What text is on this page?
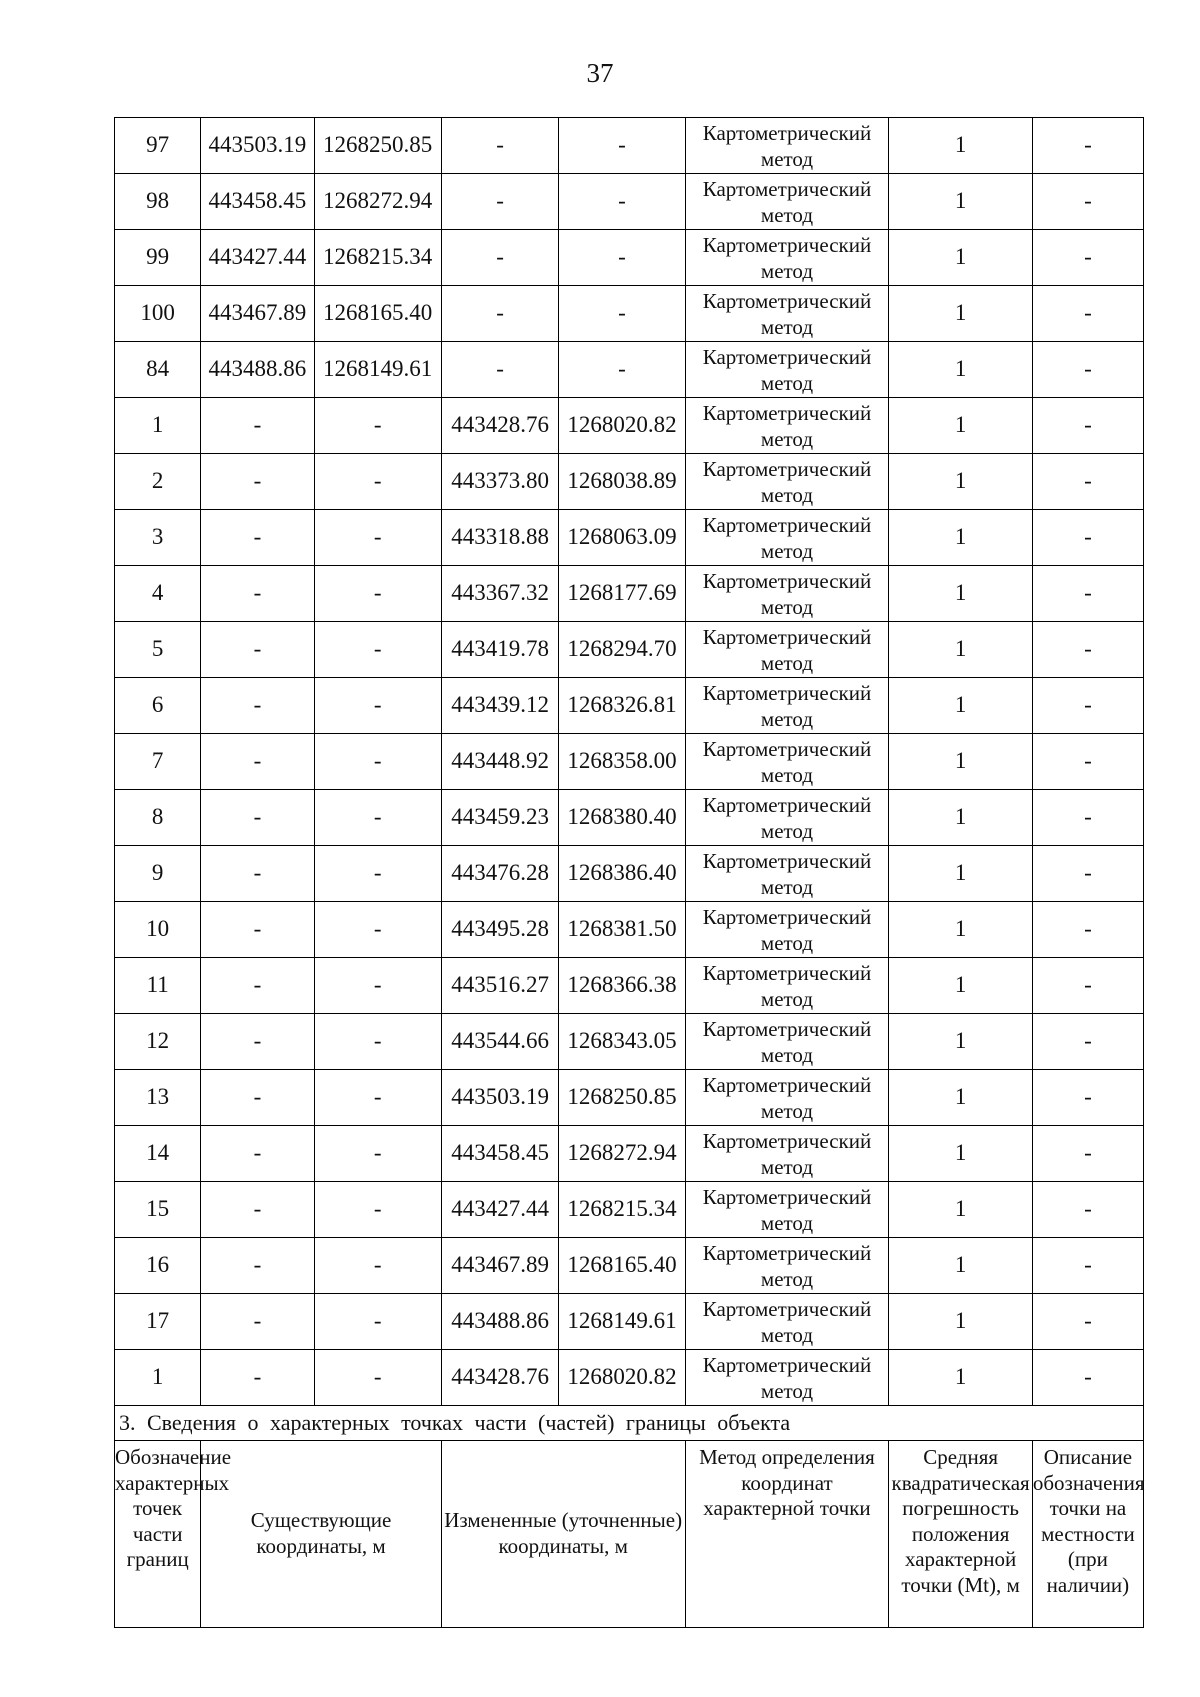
37
97	443503.19	1268250.85	-	-	Картометрический метод	1	-
98	443458.45	1268272.94	-	-	Картометрический метод	1	-
99	443427.44	1268215.34	-	-	Картометрический метод	1	-
100	443467.89	1268165.40	-	-	Картометрический метод	1	-
84	443488.86	1268149.61	-	-	Картометрический метод	1	-
1	-	-	443428.76	1268020.82	Картометрический метод	1	-
2	-	-	443373.80	1268038.89	Картометрический метод	1	-
3	-	-	443318.88	1268063.09	Картометрический метод	1	-
4	-	-	443367.32	1268177.69	Картометрический метод	1	-
5	-	-	443419.78	1268294.70	Картометрический метод	1	-
6	-	-	443439.12	1268326.81	Картометрический метод	1	-
7	-	-	443448.92	1268358.00	Картометрический метод	1	-
8	-	-	443459.23	1268380.40	Картометрический метод	1	-
9	-	-	443476.28	1268386.40	Картометрический метод	1	-
10	-	-	443495.28	1268381.50	Картометрический метод	1	-
11	-	-	443516.27	1268366.38	Картометрический метод	1	-
12	-	-	443544.66	1268343.05	Картометрический метод	1	-
13	-	-	443503.19	1268250.85	Картометрический метод	1	-
14	-	-	443458.45	1268272.94	Картометрический метод	1	-
15	-	-	443427.44	1268215.34	Картометрический метод	1	-
16	-	-	443467.89	1268165.40	Картометрический метод	1	-
17	-	-	443488.86	1268149.61	Картометрический метод	1	-
1	-	-	443428.76	1268020.82	Картометрический метод	1	-
3. Сведения о характерных точках части (частей) границы объекта							
Обозначение характерных точек части границ	Существующие координаты, м		Измененные (уточненные) координаты, м		Метод определения координат характерной точки	Средняя квадратическая погрешность положения характерной точки (Mt), м	Описание обозначения точки на местности (при наличии)
